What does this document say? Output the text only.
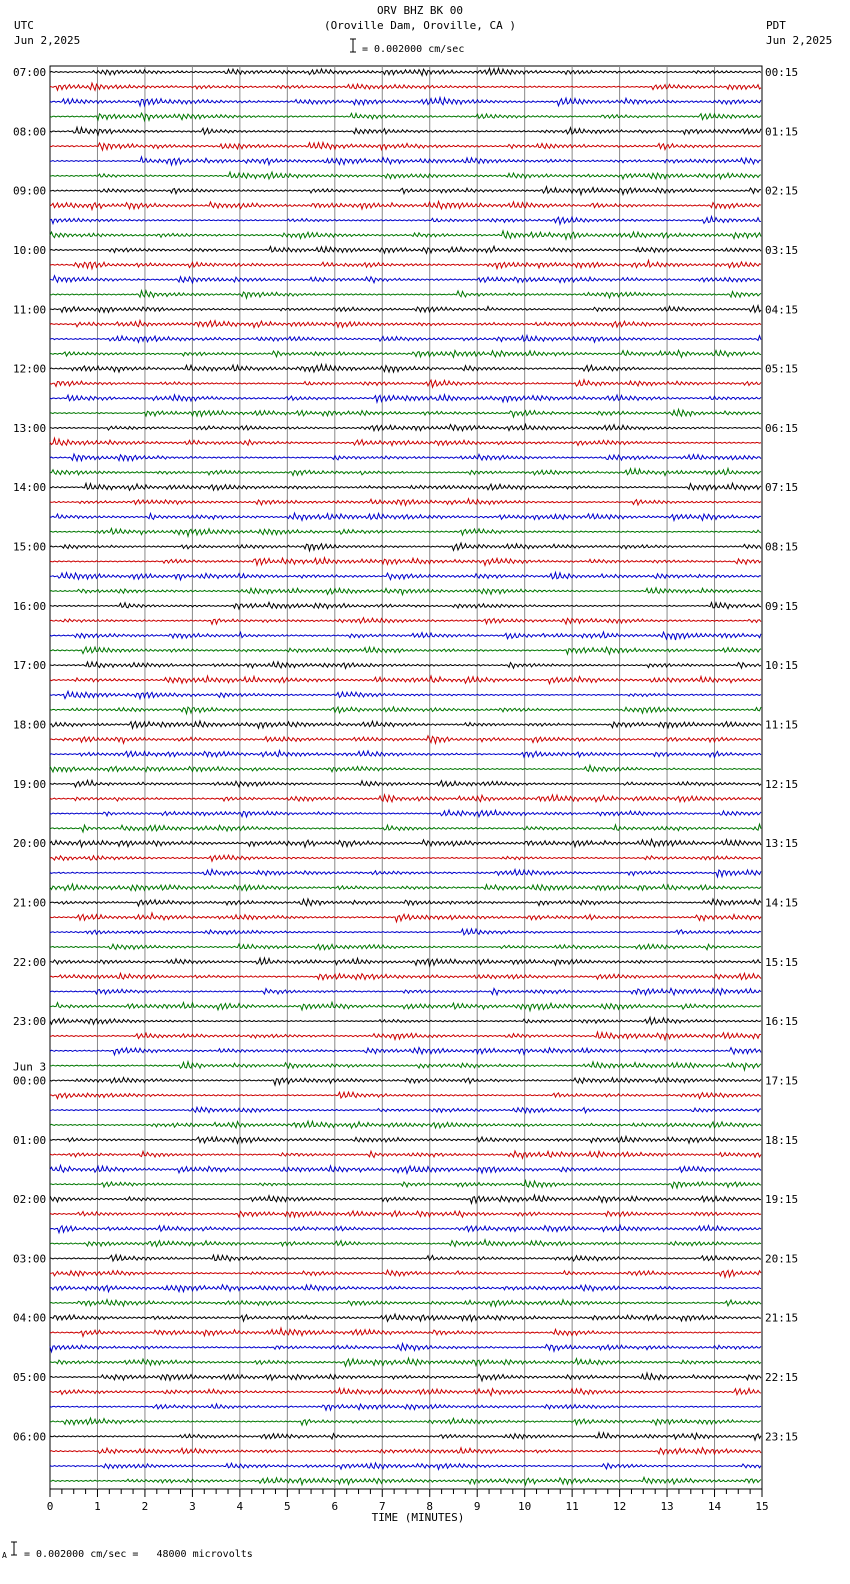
ORV BHZ BK 00
(Oroville Dam, Oroville, CA )
UTC
Jun 2,2025
PDT
Jun 2,2025
= 0.002000 cm/sec
07:00	00:15
08:00	01:15
09:00	02:15
10:00	03:15
11:00	04:15
12:00	05:15
13:00	06:15
14:00	07:15
15:00	08:15
16:00	09:15
17:00	10:15
18:00	11:15
19:00	12:15
20:00	13:15
21:00	14:15
22:00	15:15
23:00	16:15
00:00	17:15
01:00	18:15
02:00	19:15
03:00	20:15
04:00	21:15
05:00	22:15
06:00	23:15
Jun 3
0	1	2	3	4	5	6	7	8	9	10	11	12	13	14	15
TIME (MINUTES)
A = 0.002000 cm/sec =   48000 microvolts
